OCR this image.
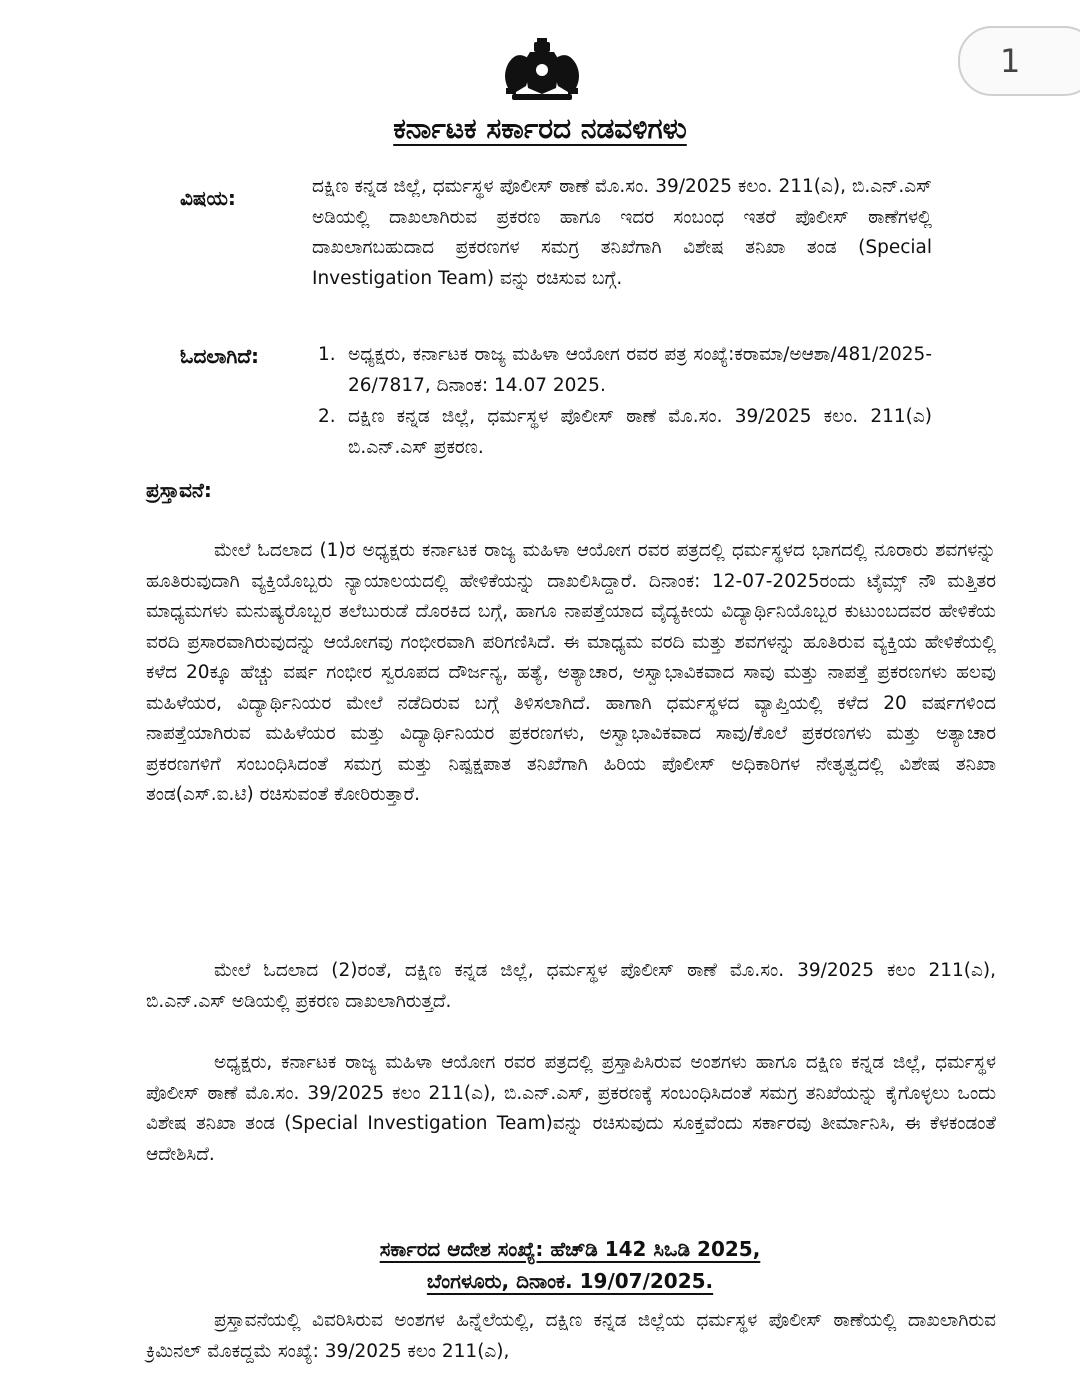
1
ಕರ್ನಾಟಕ ಸರ್ಕಾರದ ನಡವಳಿಗಳು
ವಿಷಯ:	ದಕ್ಷಿಣ ಕನ್ನಡ ಜಿಲ್ಲೆ, ಧರ್ಮಸ್ಥಳ ಪೊಲೀಸ್ ಠಾಣೆ ಮೊ.ಸಂ. 39/2025 ಕಲಂ. 211(ಎ), ಬಿ.ಎನ್.ಎಸ್ ಅಡಿಯಲ್ಲಿ ದಾಖಲಾಗಿರುವ ಪ್ರಕರಣ ಹಾಗೂ ಇದರ ಸಂಬಂಧ ಇತರೆ ಪೊಲೀಸ್ ಠಾಣೆಗಳಲ್ಲಿ ದಾಖಲಾಗಬಹುದಾದ ಪ್ರಕರಣಗಳ ಸಮಗ್ರ ತನಿಖೆಗಾಗಿ ವಿಶೇಷ ತನಿಖಾ ತಂಡ (Special Investigation Team) ವನ್ನು ರಚಿಸುವ ಬಗ್ಗೆ.
ಓದಲಾಗಿದೆ:	1. ಅಧ್ಯಕ್ಷರು, ಕರ್ನಾಟಕ ರಾಜ್ಯ ಮಹಿಳಾ ಆಯೋಗ ರವರ ಪತ್ರ ಸಂಖ್ಯೆ:ಕರಾಮಾ/ಅಆಶಾ/481/2025-26/7817, ದಿನಾಂಕ: 14.07 2025.
2. ದಕ್ಷಿಣ ಕನ್ನಡ ಜಿಲ್ಲೆ, ಧರ್ಮಸ್ಥಳ ಪೊಲೀಸ್ ಠಾಣೆ ಮೊ.ಸಂ. 39/2025 ಕಲಂ. 211(ಎ) ಬಿ.ಎನ್.ಎಸ್ ಪ್ರಕರಣ.
ಪ್ರಸ್ತಾವನೆ:
ಮೇಲೆ ಓದಲಾದ (1)ರ ಅಧ್ಯಕ್ಷರು ಕರ್ನಾಟಕ ರಾಜ್ಯ ಮಹಿಳಾ ಆಯೋಗ ರವರ ಪತ್ರದಲ್ಲಿ ಧರ್ಮಸ್ಥಳದ ಭಾಗದಲ್ಲಿ ನೂರಾರು ಶವಗಳನ್ನು ಹೂತಿರುವುದಾಗಿ ವ್ಯಕ್ತಿಯೊಬ್ಬರು ನ್ಯಾಯಾಲಯದಲ್ಲಿ ಹೇಳಿಕೆಯನ್ನು ದಾಖಲಿಸಿದ್ದಾರೆ. ದಿನಾಂಕ: 12-07-2025ರಂದು ಟೈಮ್ಸ್ ನೌ ಮತ್ತಿತರ ಮಾಧ್ಯಮಗಳು ಮನುಷ್ಯರೊಬ್ಬರ ತಲೆಬುರುಡೆ ದೊರಕಿದ ಬಗ್ಗೆ, ಹಾಗೂ ನಾಪತ್ತೆಯಾದ ವೈದ್ಯಕೀಯ ವಿದ್ಯಾರ್ಥಿನಿಯೊಬ್ಬರ ಕುಟುಂಬದವರ ಹೇಳಿಕೆಯ ವರದಿ ಪ್ರಸಾರವಾಗಿರುವುದನ್ನು ಆಯೋಗವು ಗಂಭೀರವಾಗಿ ಪರಿಗಣಿಸಿದೆ. ಈ ಮಾಧ್ಯಮ ವರದಿ ಮತ್ತು ಶವಗಳನ್ನು ಹೂತಿರುವ ವ್ಯಕ್ತಿಯ ಹೇಳಿಕೆಯಲ್ಲಿ ಕಳೆದ 20ಕ್ಕೂ ಹೆಚ್ಚು ವರ್ಷ ಗಂಭೀರ ಸ್ವರೂಪದ ದೌರ್ಜನ್ಯ, ಹತ್ಯೆ, ಅತ್ಯಾಚಾರ, ಅಸ್ವಾಭಾವಿಕವಾದ ಸಾವು ಮತ್ತು ನಾಪತ್ತೆ ಪ್ರಕರಣಗಳು ಹಲವು ಮಹಿಳೆಯರ, ವಿದ್ಯಾರ್ಥಿನಿಯರ ಮೇಲೆ ನಡೆದಿರುವ ಬಗ್ಗೆ ತಿಳಿಸಲಾಗಿದೆ. ಹಾಗಾಗಿ ಧರ್ಮಸ್ಥಳದ ವ್ಯಾಪ್ತಿಯಲ್ಲಿ ಕಳೆದ 20 ವರ್ಷಗಳಿಂದ ನಾಪತ್ತೆಯಾಗಿರುವ ಮಹಿಳೆಯರ ಮತ್ತು ವಿದ್ಯಾರ್ಥಿನಿಯರ ಪ್ರಕರಣಗಳು, ಅಸ್ವಾಭಾವಿಕವಾದ ಸಾವು/ಕೊಲೆ ಪ್ರಕರಣಗಳು ಮತ್ತು ಅತ್ಯಾಚಾರ ಪ್ರಕರಣಗಳಿಗೆ ಸಂಬಂಧಿಸಿದಂತೆ ಸಮಗ್ರ ಮತ್ತು ನಿಷ್ಪಕ್ಷಪಾತ ತನಿಖೆಗಾಗಿ ಹಿರಿಯ ಪೊಲೀಸ್ ಅಧಿಕಾರಿಗಳ ನೇತೃತ್ವದಲ್ಲಿ ವಿಶೇಷ ತನಿಖಾ ತಂಡ(ಎಸ್.ಐ.ಟಿ) ರಚಿಸುವಂತೆ ಕೋರಿರುತ್ತಾರೆ.
ಮೇಲೆ ಓದಲಾದ (2)ರಂತೆ, ದಕ್ಷಿಣ ಕನ್ನಡ ಜಿಲ್ಲೆ, ಧರ್ಮಸ್ಥಳ ಪೊಲೀಸ್ ಠಾಣೆ ಮೊ.ಸಂ. 39/2025 ಕಲಂ 211(ಎ), ಬಿ.ಎನ್.ಎಸ್ ಅಡಿಯಲ್ಲಿ ಪ್ರಕರಣ ದಾಖಲಾಗಿರುತ್ತದೆ.
ಅಧ್ಯಕ್ಷರು, ಕರ್ನಾಟಕ ರಾಜ್ಯ ಮಹಿಳಾ ಆಯೋಗ ರವರ ಪತ್ರದಲ್ಲಿ ಪ್ರಸ್ತಾಪಿಸಿರುವ ಅಂಶಗಳು ಹಾಗೂ ದಕ್ಷಿಣ ಕನ್ನಡ ಜಿಲ್ಲೆ, ಧರ್ಮಸ್ಥಳ ಪೊಲೀಸ್ ಠಾಣೆ ಮೊ.ಸಂ. 39/2025 ಕಲಂ 211(ಎ), ಬಿ.ಎನ್.ಎಸ್, ಪ್ರಕರಣಕ್ಕೆ ಸಂಬಂಧಿಸಿದಂತೆ ಸಮಗ್ರ ತನಿಖೆಯನ್ನು ಕೈಗೊಳ್ಳಲು ಒಂದು ವಿಶೇಷ ತನಿಖಾ ತಂಡ (Special Investigation Team)ವನ್ನು ರಚಿಸುವುದು ಸೂಕ್ತವೆಂದು ಸರ್ಕಾರವು ತೀರ್ಮಾನಿಸಿ, ಈ ಕೆಳಕಂಡಂತೆ ಆದೇಶಿಸಿದೆ.
ಸರ್ಕಾರದ ಆದೇಶ ಸಂಖ್ಯೆ: ಹೆಚ್‌ಡಿ 142 ಸಿಒಡಿ 2025,
ಬೆಂಗಳೂರು, ದಿನಾಂಕ. 19/07/2025.
ಪ್ರಸ್ತಾವನೆಯಲ್ಲಿ ವಿವರಿಸಿರುವ ಅಂಶಗಳ ಹಿನ್ನೆಲೆಯಲ್ಲಿ, ದಕ್ಷಿಣ ಕನ್ನಡ ಜಿಲ್ಲೆಯ ಧರ್ಮಸ್ಥಳ ಪೊಲೀಸ್ ಠಾಣೆಯಲ್ಲಿ ದಾಖಲಾಗಿರುವ ಕ್ರಿಮಿನಲ್ ಮೊಕದ್ದಮೆ ಸಂಖ್ಯೆ: 39/2025 ಕಲಂ 211(ಎ),
